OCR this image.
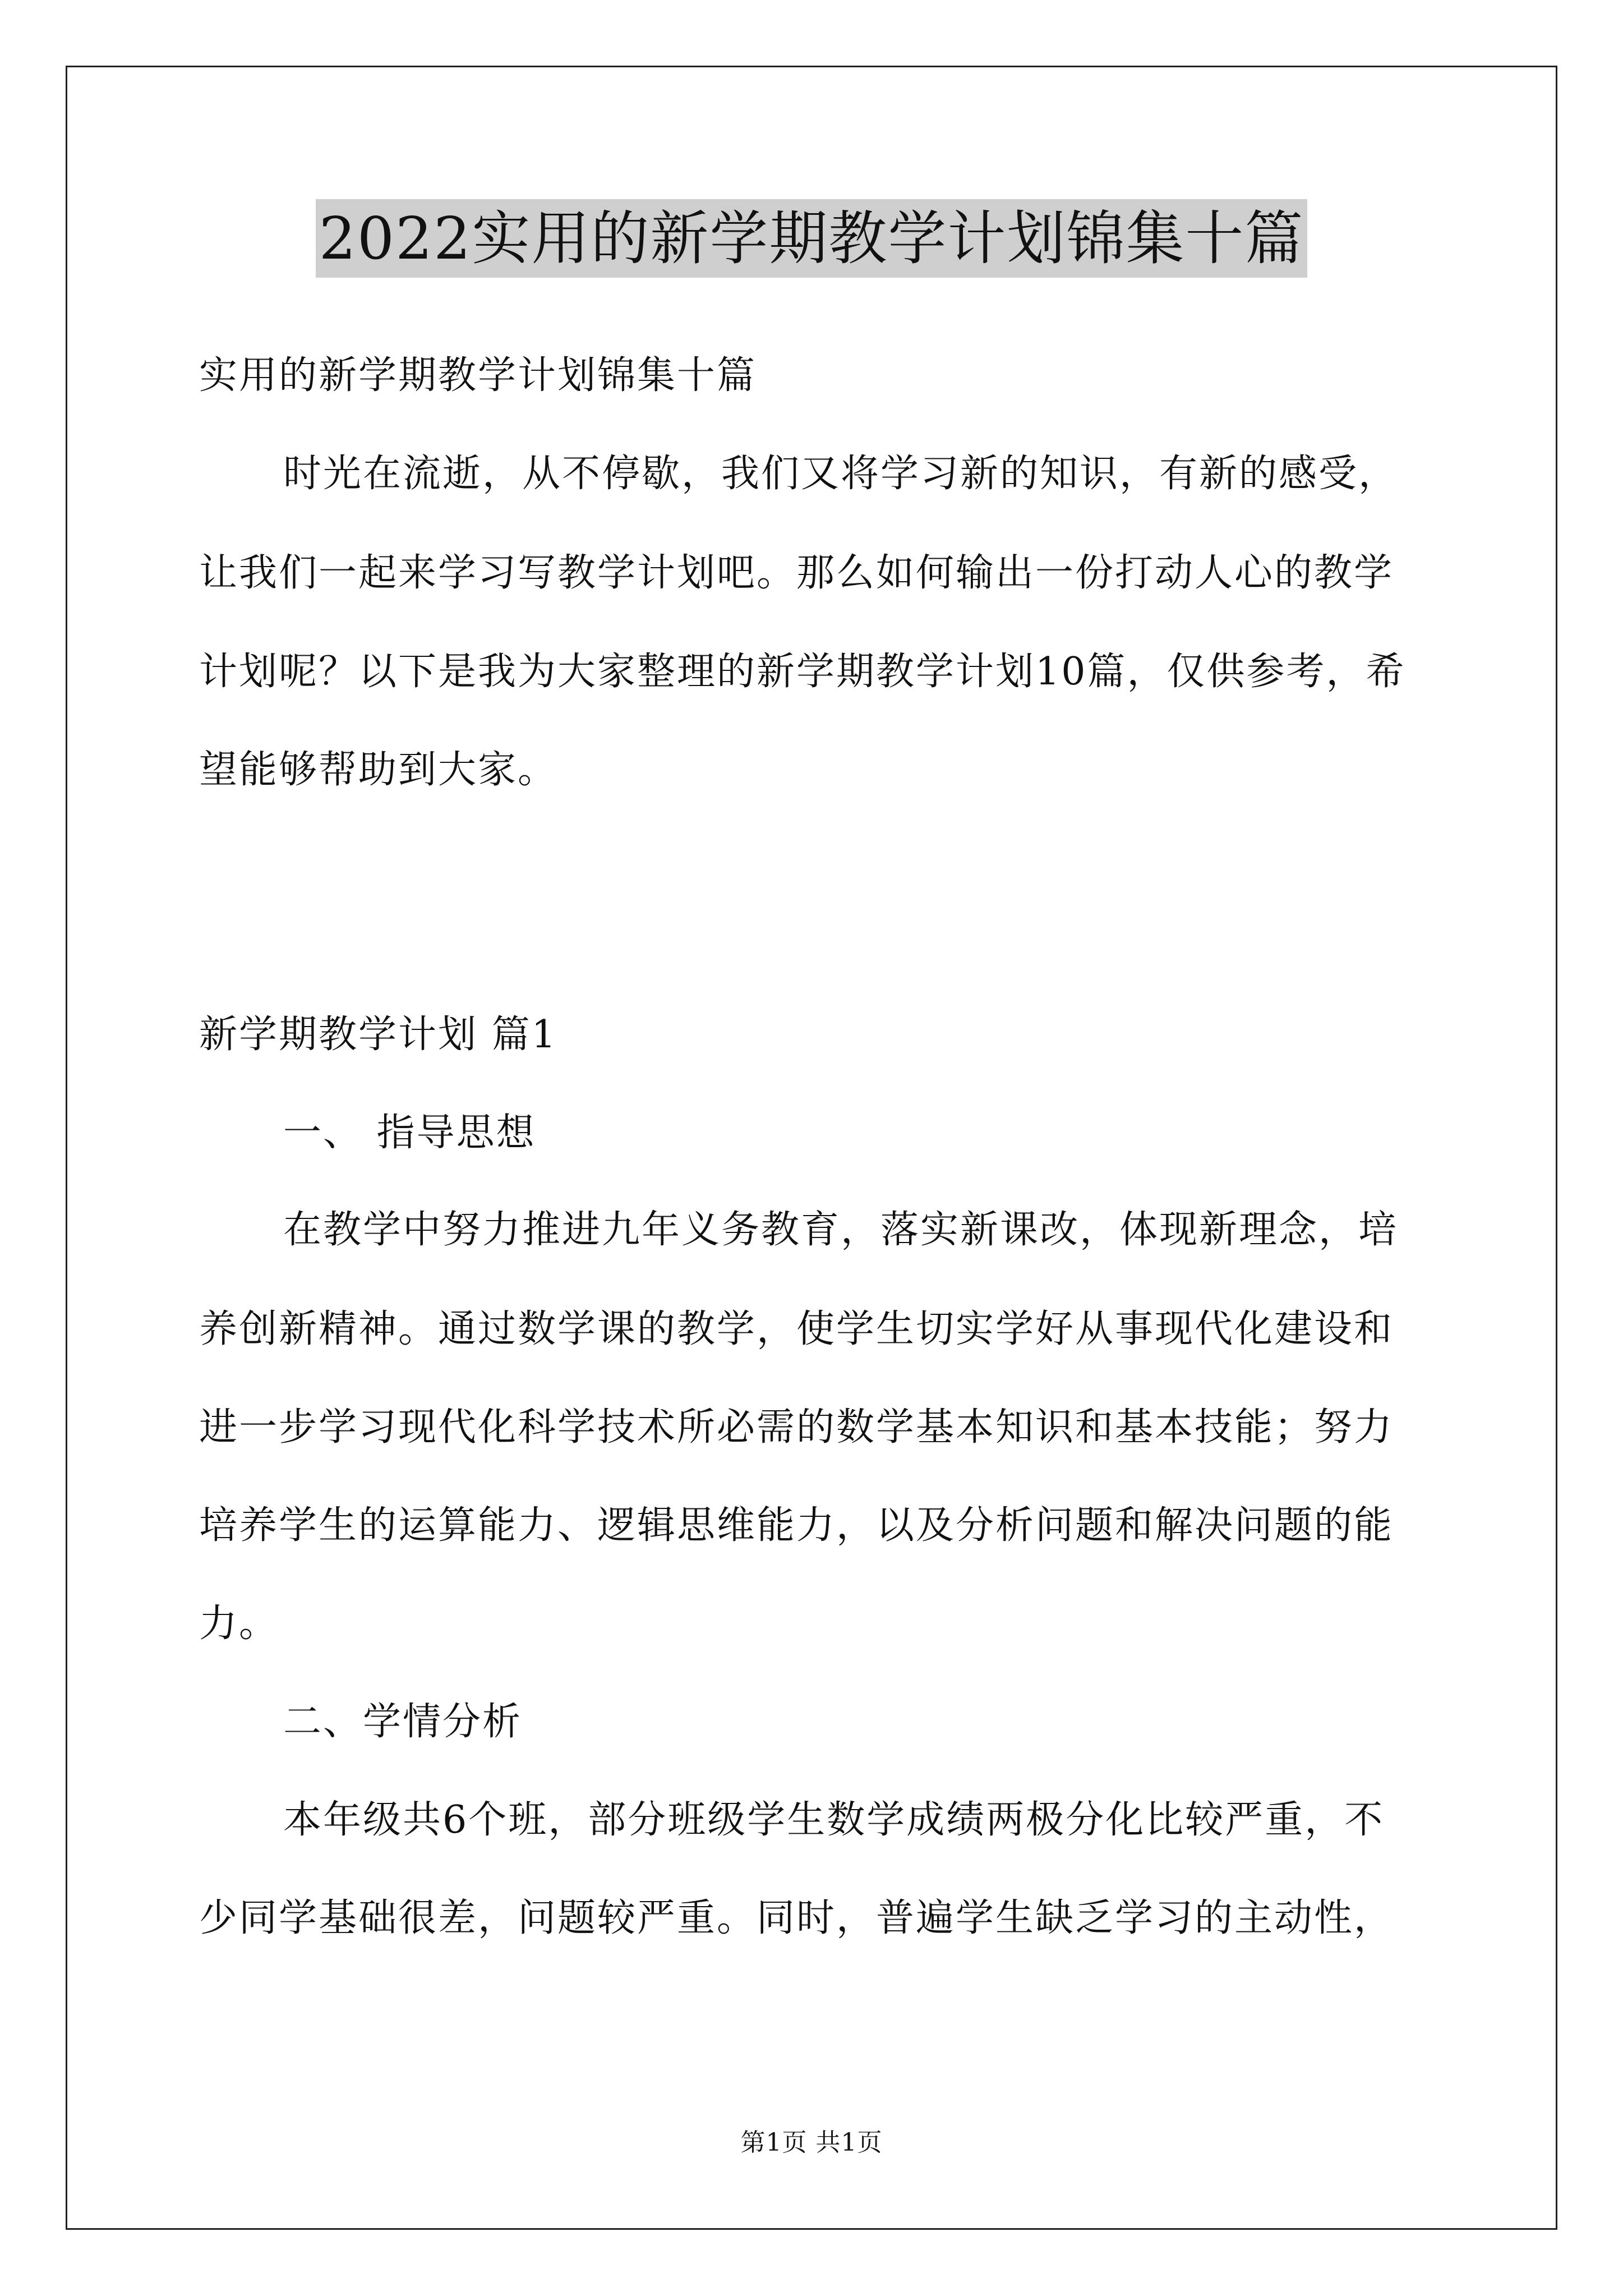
2022实用的新学期教学计划锦集十篇
实用的新学期教学计划锦集十篇
时光在流逝，从不停歇，我们又将学习新的知识，有新的感受，
让我们一起来学习写教学计划吧。那么如何输出一份打动人心的教学
计划呢？以下是我为大家整理的新学期教学计划10篇，仅供参考，希
望能够帮助到大家。
新学期教学计划 篇1
一、 指导思想
在教学中努力推进九年义务教育，落实新课改，体现新理念，培
养创新精神。通过数学课的教学，使学生切实学好从事现代化建设和
进一步学习现代化科学技术所必需的数学基本知识和基本技能；努力
培养学生的运算能力、逻辑思维能力，以及分析问题和解决问题的能
力。
二、学情分析
本年级共6个班，部分班级学生数学成绩两极分化比较严重，不
少同学基础很差，问题较严重。同时，普遍学生缺乏学习的主动性，
第1页 共1页
